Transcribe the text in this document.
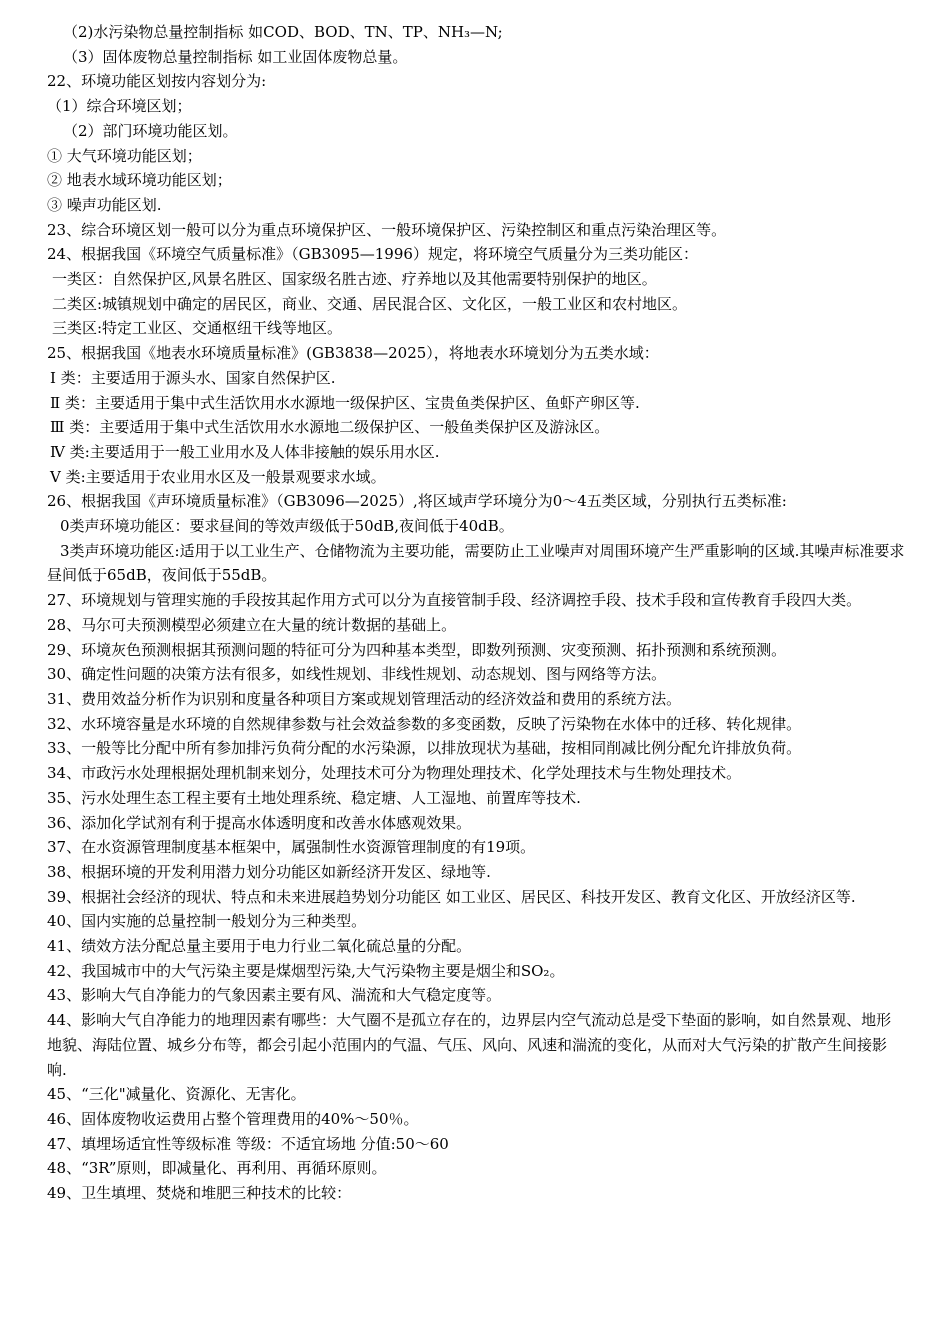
（2)水污染物总量控制指标 如COD、BOD、TN、TP、NH₃—N;
（3）固体废物总量控制指标 如工业固体废物总量。
22、环境功能区划按内容划分为:
（1）综合环境区划；
（2）部门环境功能区划。
① 大气环境功能区划；
② 地表水域环境功能区划；
③ 噪声功能区划.
23、综合环境区划一般可以分为重点环境保护区、一般环境保护区、污染控制区和重点污染治理区等。
24、根据我国《环境空气质量标准》（GB3095—1996）规定，将环境空气质量分为三类功能区：
一类区：自然保护区,风景名胜区、国家级名胜古迹、疗养地以及其他需要特别保护的地区。
二类区:城镇规划中确定的居民区，商业、交通、居民混合区、文化区，一般工业区和农村地区。
三类区:特定工业区、交通枢纽干线等地区。
25、根据我国《地表水环境质量标准》(GB3838—2025），将地表水环境划分为五类水域：
Ⅰ 类：主要适用于源头水、国家自然保护区.
Ⅱ 类：主要适用于集中式生活饮用水水源地一级保护区、宝贵鱼类保护区、鱼虾产卵区等.
Ⅲ 类：主要适用于集中式生活饮用水水源地二级保护区、一般鱼类保护区及游泳区。
Ⅳ 类:主要适用于一般工业用水及人体非接触的娱乐用水区.
Ⅴ 类:主要适用于农业用水区及一般景观要求水域。
26、根据我国《声环境质量标准》（GB3096—2025）,将区域声学环境分为0～4五类区域，分别执行五类标准:
0类声环境功能区：要求昼间的等效声级低于50dB,夜间低于40dB。
3类声环境功能区:适用于以工业生产、仓储物流为主要功能，需要防止工业噪声对周围环境产生严重影响的区域.其噪声标准要求昼间低于65dB，夜间低于55dB。
27、环境规划与管理实施的手段按其起作用方式可以分为直接管制手段、经济调控手段、技术手段和宣传教育手段四大类。
28、马尔可夫预测模型必须建立在大量的统计数据的基础上。
29、环境灰色预测根据其预测问题的特征可分为四种基本类型，即数列预测、灾变预测、拓扑预测和系统预测。
30、确定性问题的决策方法有很多，如线性规划、非线性规划、动态规划、图与网络等方法。
31、费用效益分析作为识别和度量各种项目方案或规划管理活动的经济效益和费用的系统方法。
32、水环境容量是水环境的自然规律参数与社会效益参数的多变函数，反映了污染物在水体中的迁移、转化规律。
33、一般等比分配中所有参加排污负荷分配的水污染源，以排放现状为基础，按相同削减比例分配允许排放负荷。
34、市政污水处理根据处理机制来划分，处理技术可分为物理处理技术、化学处理技术与生物处理技术。
35、污水处理生态工程主要有土地处理系统、稳定塘、人工湿地、前置库等技术.
36、添加化学试剂有利于提高水体透明度和改善水体感观效果。
37、在水资源管理制度基本框架中，属强制性水资源管理制度的有19项。
38、根据环境的开发利用潜力划分功能区如新经济开发区、绿地等.
39、根据社会经济的现状、特点和未来进展趋势划分功能区 如工业区、居民区、科技开发区、教育文化区、开放经济区等.
40、国内实施的总量控制一般划分为三种类型。
41、绩效方法分配总量主要用于电力行业二氧化硫总量的分配。
42、我国城市中的大气污染主要是煤烟型污染,大气污染物主要是烟尘和SO₂。
43、影响大气自净能力的气象因素主要有风、湍流和大气稳定度等。
44、影响大气自净能力的地理因素有哪些：大气圈不是孤立存在的，边界层内空气流动总是受下垫面的影响，如自然景观、地形地貌、海陆位置、城乡分布等，都会引起小范围内的气温、气压、风向、风速和湍流的变化，从而对大气污染的扩散产生间接影响.
45、“三化"减量化、资源化、无害化。
46、固体废物收运费用占整个管理费用的40%～50％。
47、填埋场适宜性等级标准 等级：不适宜场地 分值:50～60
48、“3R”原则，即减量化、再利用、再循环原则。
49、卫生填埋、焚烧和堆肥三种技术的比较：
